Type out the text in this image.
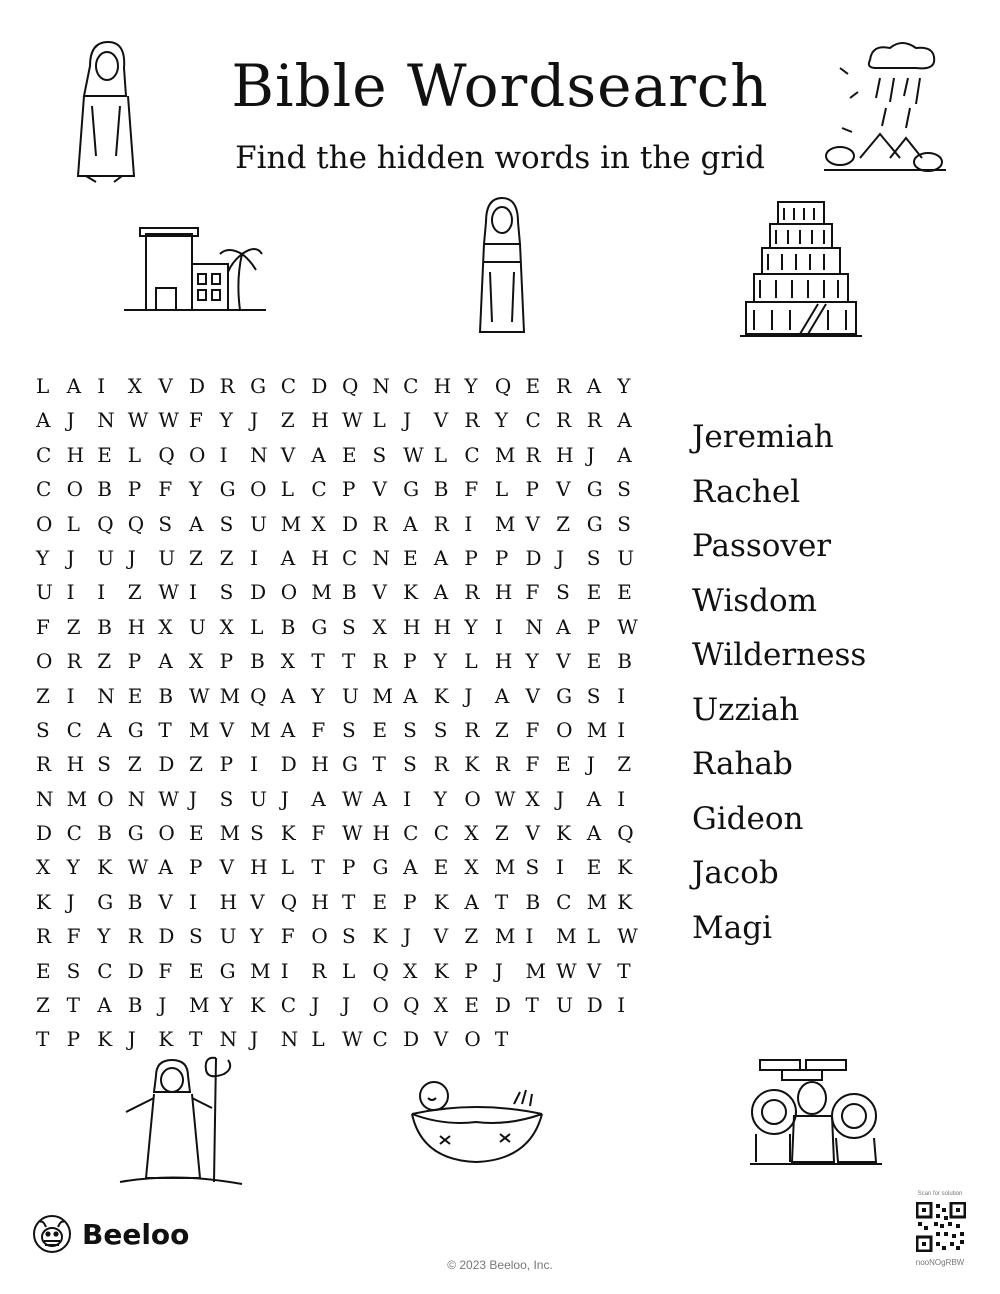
Bible Wordsearch
Find the hidden words in the grid
L A I	X V D R G C D Q N C H Y Q E R A Y
A J	N W W F Y J	Z H W L J	V R Y C R R A
C H E L Q O I	N V A E S W L C M R H J	A
C O B P F Y G O L C P V G B F L P V G S
O L Q Q S A S U M X D R A R I	M V Z G S
Y J	U J	U Z Z I	A H C N E A P P D J	S U
U I	I	Z W I	S D O M B V K A R H F S E E
F Z B H X U X L B G S X H H Y I	N A P W
O R Z P A X P B X T T R P Y L H Y V E B
Z I	N E B W M Q A Y U M A K J	A V G S I
S C A G T M V M A F S E S S R Z F O M I
R H S Z D Z P I	D H G T S R K R F E J	Z
N M O N W J	S U J	A W A I	Y O W X J	A I
D C B G O E M S K F W H C C X Z V K A Q
X Y K W A P V H L T P G A E X M S I	E K
K J	G B V I	H V Q H T E P K A T B C M K
R F Y R D S U Y F O S K J	V Z M I	M L W
E S C D F E G M I	R L Q X K P J	M W V T
Z T A B J	M Y K C J	J	O Q X E D T U D I
T P K J	K T N J	N L W C D V O T
Jeremiah
Rachel
Passover
Wisdom
Wilderness
Uzziah
Rahab
Gideon
Jacob
Magi
Beeloo
© 2023 Beeloo, Inc.
Scan for solution
nooNOgRBW
